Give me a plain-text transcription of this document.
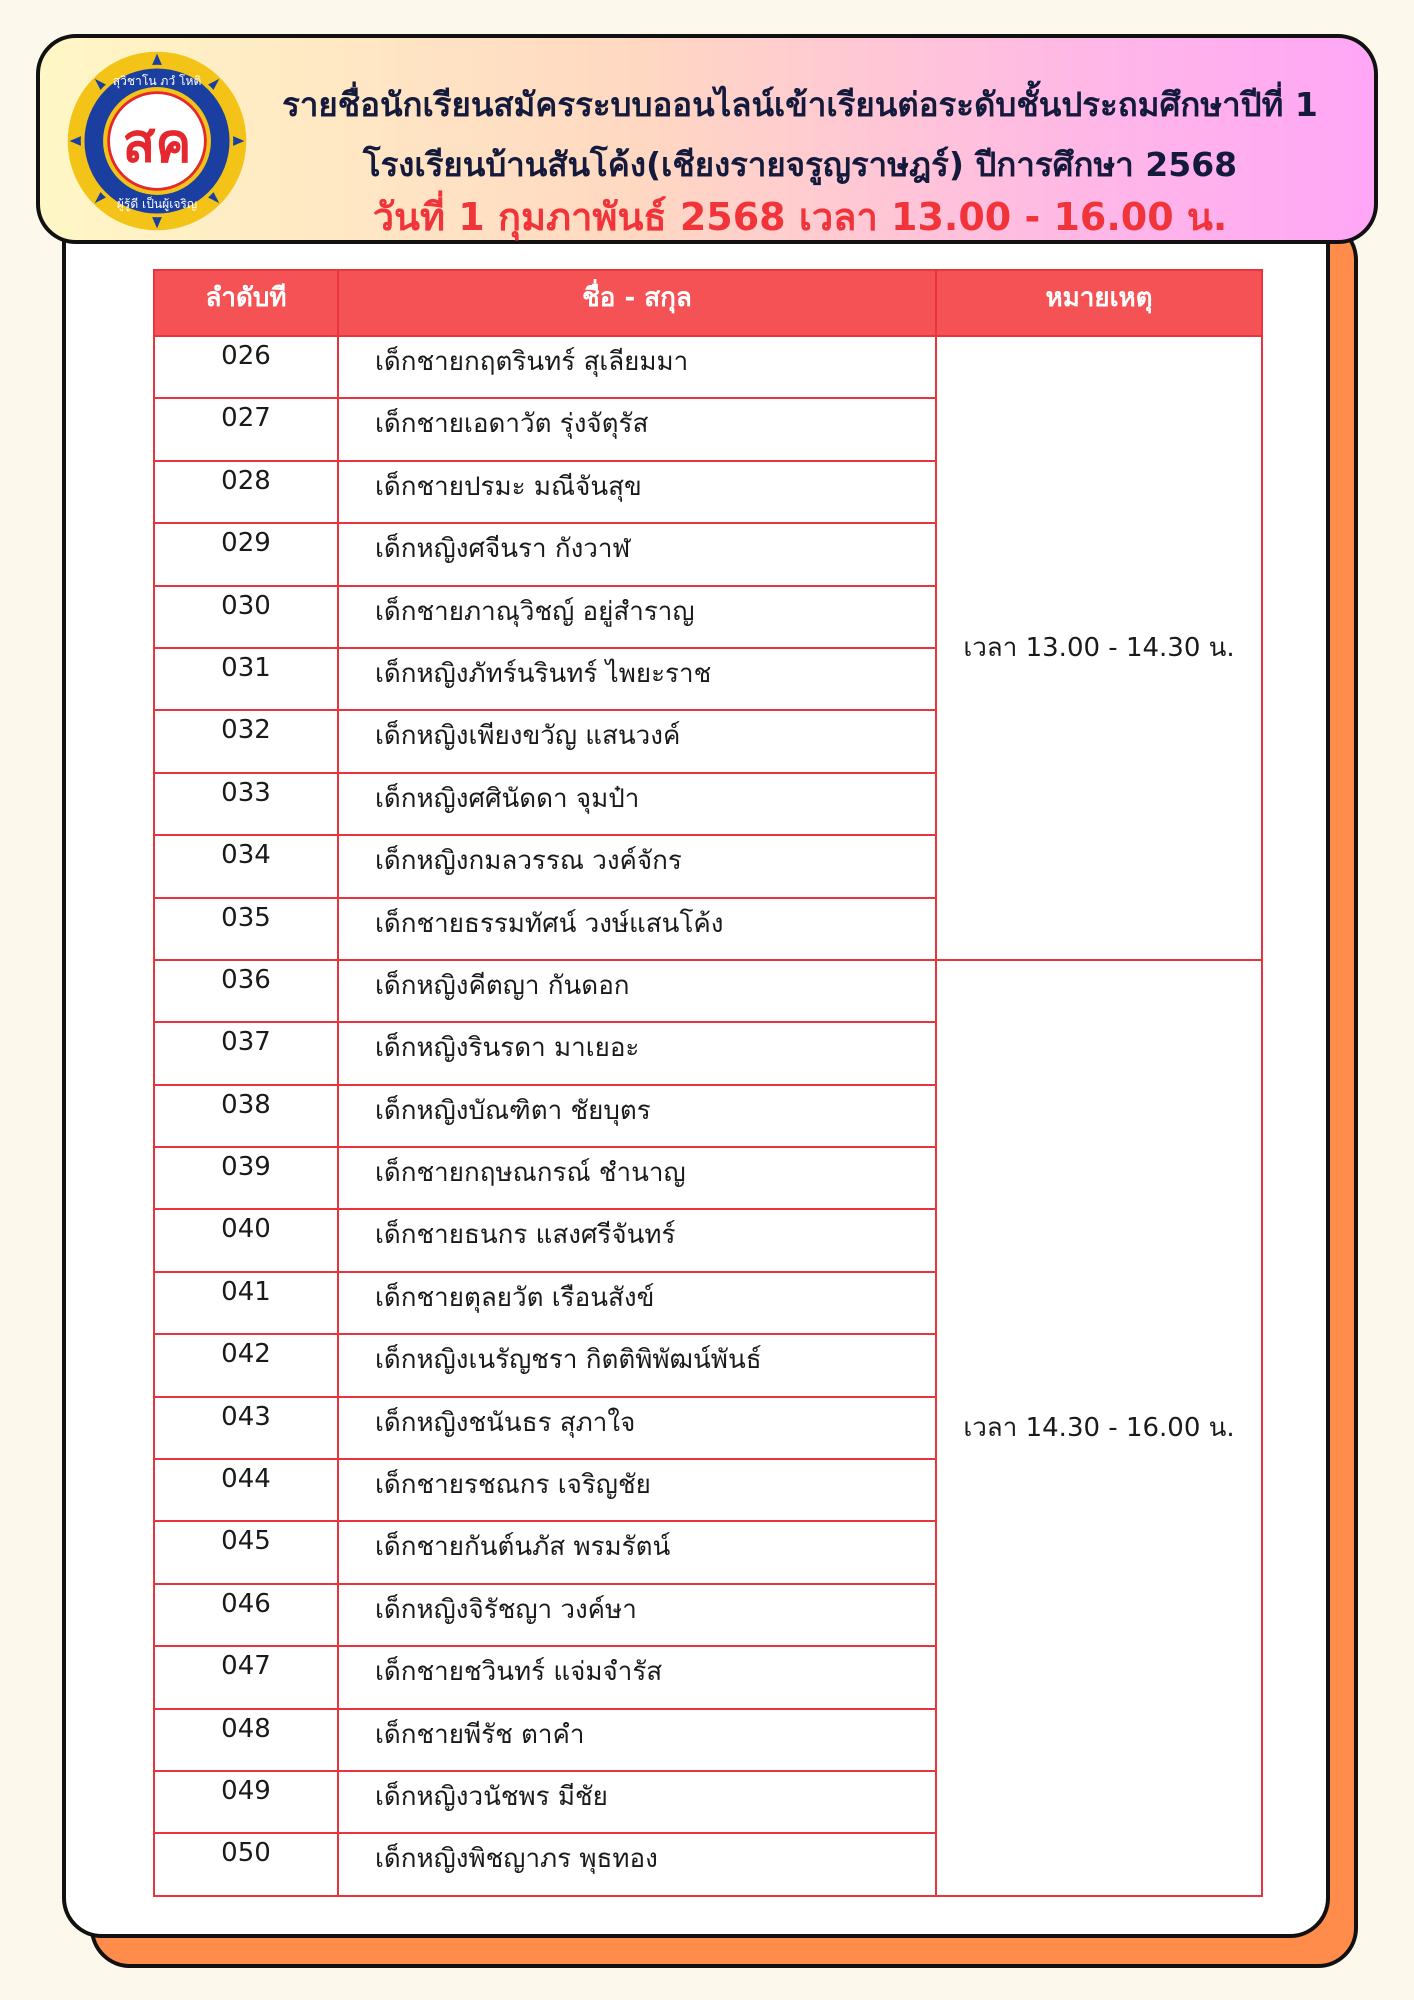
สค
สุวิชาโน ภวํ โหติ
ผู้รู้ดี เป็นผู้เจริญ
รายชื่อนักเรียนสมัครระบบออนไลน์เข้าเรียนต่อระดับชั้นประถมศึกษาปีที่ 1
โรงเรียนบ้านสันโค้ง(เชียงรายจรูญราษฎร์) ปีการศึกษา 2568
วันที่ 1 กุมภาพันธ์ 2568 เวลา 13.00 - 16.00 น.
ลำดับที	ชื่อ - สกุล	หมายเหตุ
026	เด็กชายกฤตรินทร์ สุเลียมมา	เวลา 13.00 - 14.30 น.
027	เด็กชายเอดาวัต รุ่งจัตุรัส	
028	เด็กชายปรมะ มณีจันสุข	
029	เด็กหญิงศจีนรา กังวาฬ	
030	เด็กชายภาณุวิชญ์ อยู่สำราญ	
031	เด็กหญิงภัทร์นรินทร์ ไพยะราช	
032	เด็กหญิงเพียงขวัญ แสนวงค์	
033	เด็กหญิงศศินัดดา จุมป๋า	
034	เด็กหญิงกมลวรรณ วงค์จักร	
035	เด็กชายธรรมทัศน์ วงษ์แสนโค้ง	
036	เด็กหญิงคีตญา กันดอก	เวลา 14.30 - 16.00 น.
037	เด็กหญิงรินรดา มาเยอะ	
038	เด็กหญิงบัณฑิตา ชัยบุตร	
039	เด็กชายกฤษณกรณ์ ชำนาญ	
040	เด็กชายธนกร แสงศรีจันทร์	
041	เด็กชายตุลยวัต เรือนสังข์	
042	เด็กหญิงเนรัญชรา กิตติพิพัฒน์พันธ์	
043	เด็กหญิงชนันธร สุภาใจ	
044	เด็กชายรชณกร เจริญชัย	
045	เด็กชายกันต์นภัส พรมรัตน์	
046	เด็กหญิงจิรัชญา วงค์ษา	
047	เด็กชายชวินทร์ แจ่มจำรัส	
048	เด็กชายพีรัช ตาคำ	
049	เด็กหญิงวนัชพร มีชัย	
050	เด็กหญิงพิชญาภร พุธทอง	
